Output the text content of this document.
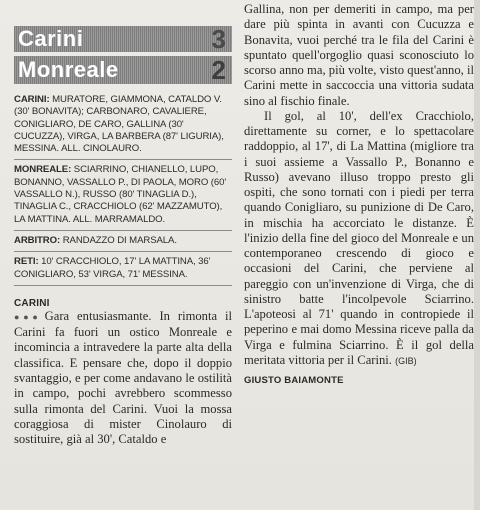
Carini	3
Monreale	2
CARINI: MURATORE, GIAMMONA, CATALDO V. (30' BONAVITA); CARBONARO, CAVALIERE, CONIGLIARO, DE CARO, GALLINA (30' CUCUZZA), VIRGA, LA BARBERA (87' LIGURIA), MESSINA. ALL. CINOLAURO.
MONREALE: SCIARRINO, CHIANELLO, LUPO, BONANNO, VASSALLO P., DI PAOLA, MORO (60' VASSALLO N.), RUSSO (80' TINAGLIA D.), TINAGLIA C., CRACCHIOLO (62' MAZZAMUTO), LA MATTINA. ALL. MARRAMALDO.
ARBITRO: RANDAZZO DI MARSALA.
RETI: 10' CRACCHIOLO, 17' LA MATTINA, 36' CONIGLIARO, 53' VIRGA, 71' MESSINA.
CARINI

●●● Gara entusiasmante. In rimonta il Carini fa fuori un ostico Monreale e incomincia a intravedere la parte alta della classifica. E pensare che, dopo il doppio svantaggio, e per come andavano le ostilità in campo, pochi avrebbero scommesso sulla rimonta del Carini. Vuoi la mossa coraggiosa di mister Cinolauro di sostituire, già al 30', Cataldo e

Gallina, non per demeriti in campo, ma per dare più spinta in avanti con Cucuzza e Bonavita, vuoi perché tra le fila del Carini è spuntato quell'orgoglio quasi sconosciuto lo scorso anno ma, più volte, visto quest'anno, il Carini mette in saccoccia una vittoria sudata sino al fischio finale.

Il gol, al 10', dell'ex Cracchiolo, direttamente su corner, e lo spettacolare raddoppio, al 17', di La Mattina (migliore tra i suoi assieme a Vassallo P., Bonanno e Russo) avevano illuso troppo presto gli ospiti, che sono tornati con i piedi per terra quando Conigliaro, su punizione di De Caro, in mischia ha accorciato le distanze. È l'inizio della fine del gioco del Monreale e un contemporaneo crescendo di gioco e occasioni del Carini, che perviene al pareggio con un'invenzione di Virga, che di sinistro batte l'incolpevole Sciarrino. L'apoteosi al 71' quando in contropiede il peperino e mai domo Messina riceve palla da Virga e fulmina Sciarrino. È il gol della meritata vittoria per il Carini. (GIB)

GIUSTO BAIAMONTE
